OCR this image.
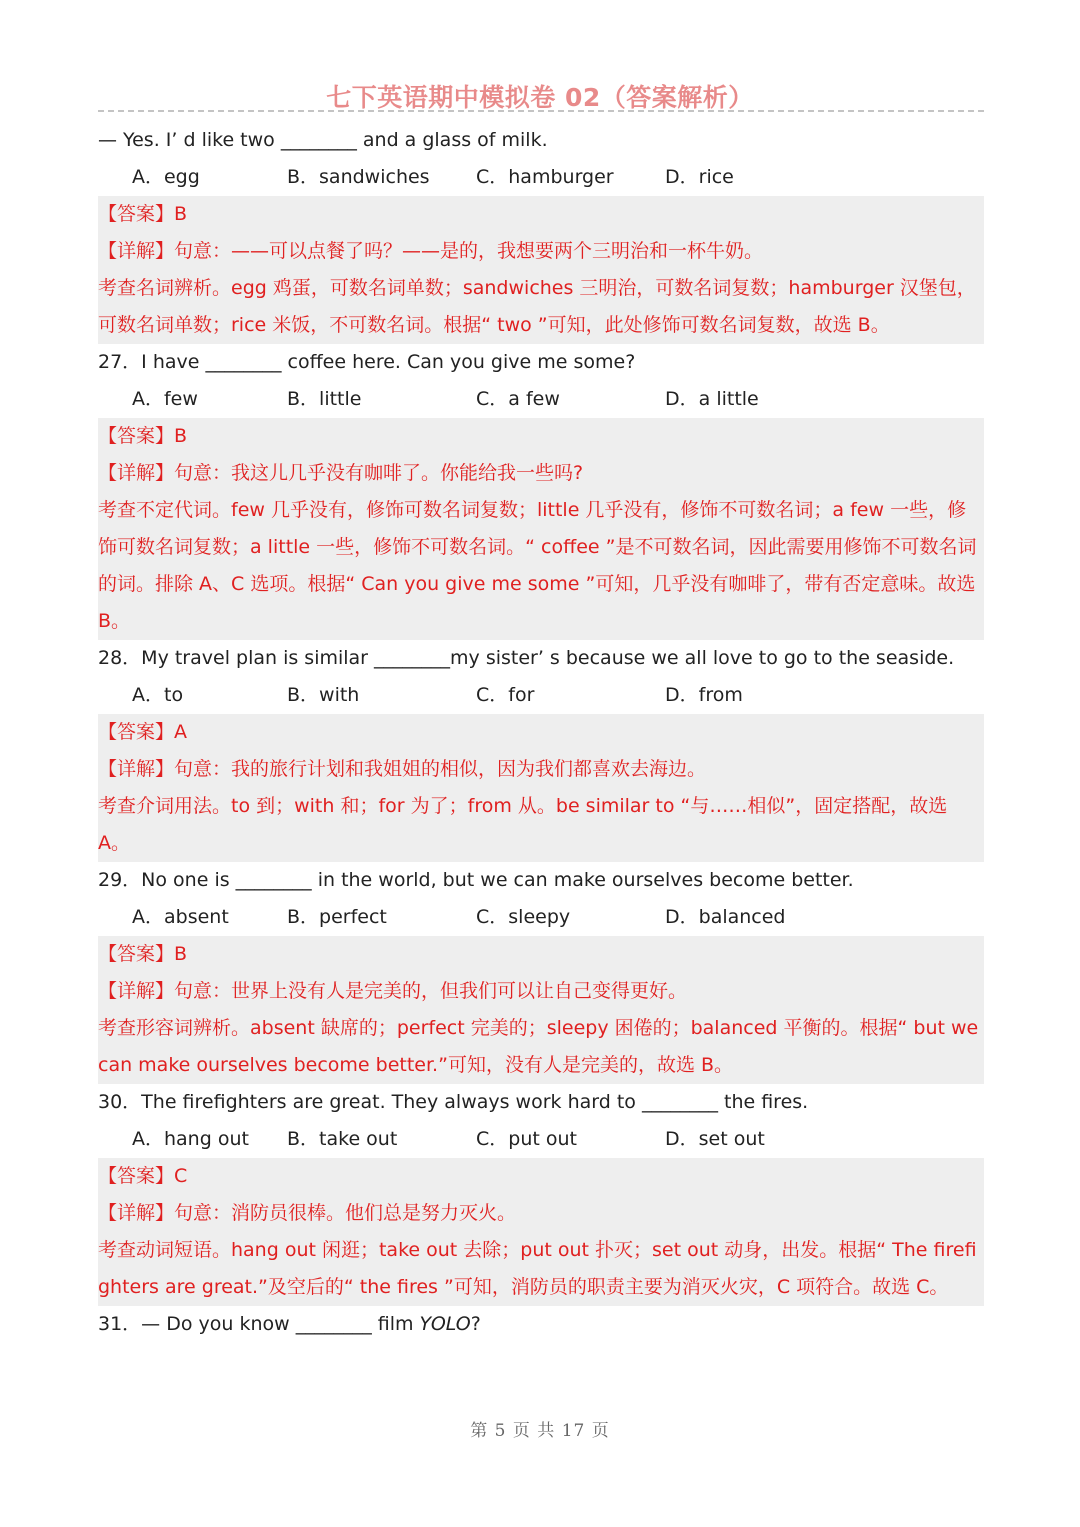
七下英语期中模拟卷 02（答案解析）
— Yes. I’ d like two ________ and a glass of milk.
A．egg	B．sandwiches C．hamburger	D．rice
【答案】B
【详解】句意：——可以点餐了吗？——是的，我想要两个三明治和一杯牛奶。
考查名词辨析。egg 鸡蛋，可数名词单数；sandwiches 三明治，可数名词复数；hamburger 汉堡包，可数名词单数；rice 米饭，不可数名词。根据“ two ”可知，此处修饰可数名词复数，故选 B。
27．I have ________ coffee here. Can you give me some?
A．few	B．little	C．a few	D．a little
【答案】B
【详解】句意：我这儿几乎没有咖啡了。你能给我一些吗?
考查不定代词。few 几乎没有，修饰可数名词复数；little 几乎没有，修饰不可数名词；a few 一些，修饰可数名词复数；a little 一些，修饰不可数名词。“ coffee ”是不可数名词，因此需要用修饰不可数名词的词。排除 A、C 选项。根据“ Can you give me some ”可知，几乎没有咖啡了，带有否定意味。故选 B。
28．My travel plan is similar ________my sister’ s because we all love to go to the seaside.
A．to	B．with	C．for	D．from
【答案】A
【详解】句意：我的旅行计划和我姐姐的相似，因为我们都喜欢去海边。
考查介词用法。to 到；with 和；for 为了；from 从。be similar to “与……相似”，固定搭配，故选 A。
29．No one is ________ in the world, but we can make ourselves become better.
A．absent	B．perfect	C．sleepy	D．balanced
【答案】B
【详解】句意：世界上没有人是完美的，但我们可以让自己变得更好。
考查形容词辨析。absent 缺席的；perfect 完美的；sleepy 困倦的；balanced 平衡的。根据“ but we can make ourselves become better.”可知，没有人是完美的，故选 B。
30．The firefighters are great. They always work hard to ________ the fires.
A．hang out B．take out	C．put out	D．set out
【答案】C
【详解】句意：消防员很棒。他们总是努力灭火。
考查动词短语。hang out 闲逛；take out 去除；put out 扑灭；set out 动身，出发。根据“ The firefighters are great.”及空后的“ the fires ”可知，消防员的职责主要为消灭火灾，C 项符合。故选 C。
31．— Do you know ________ film YOLO?
第 5 页 共 17 页
